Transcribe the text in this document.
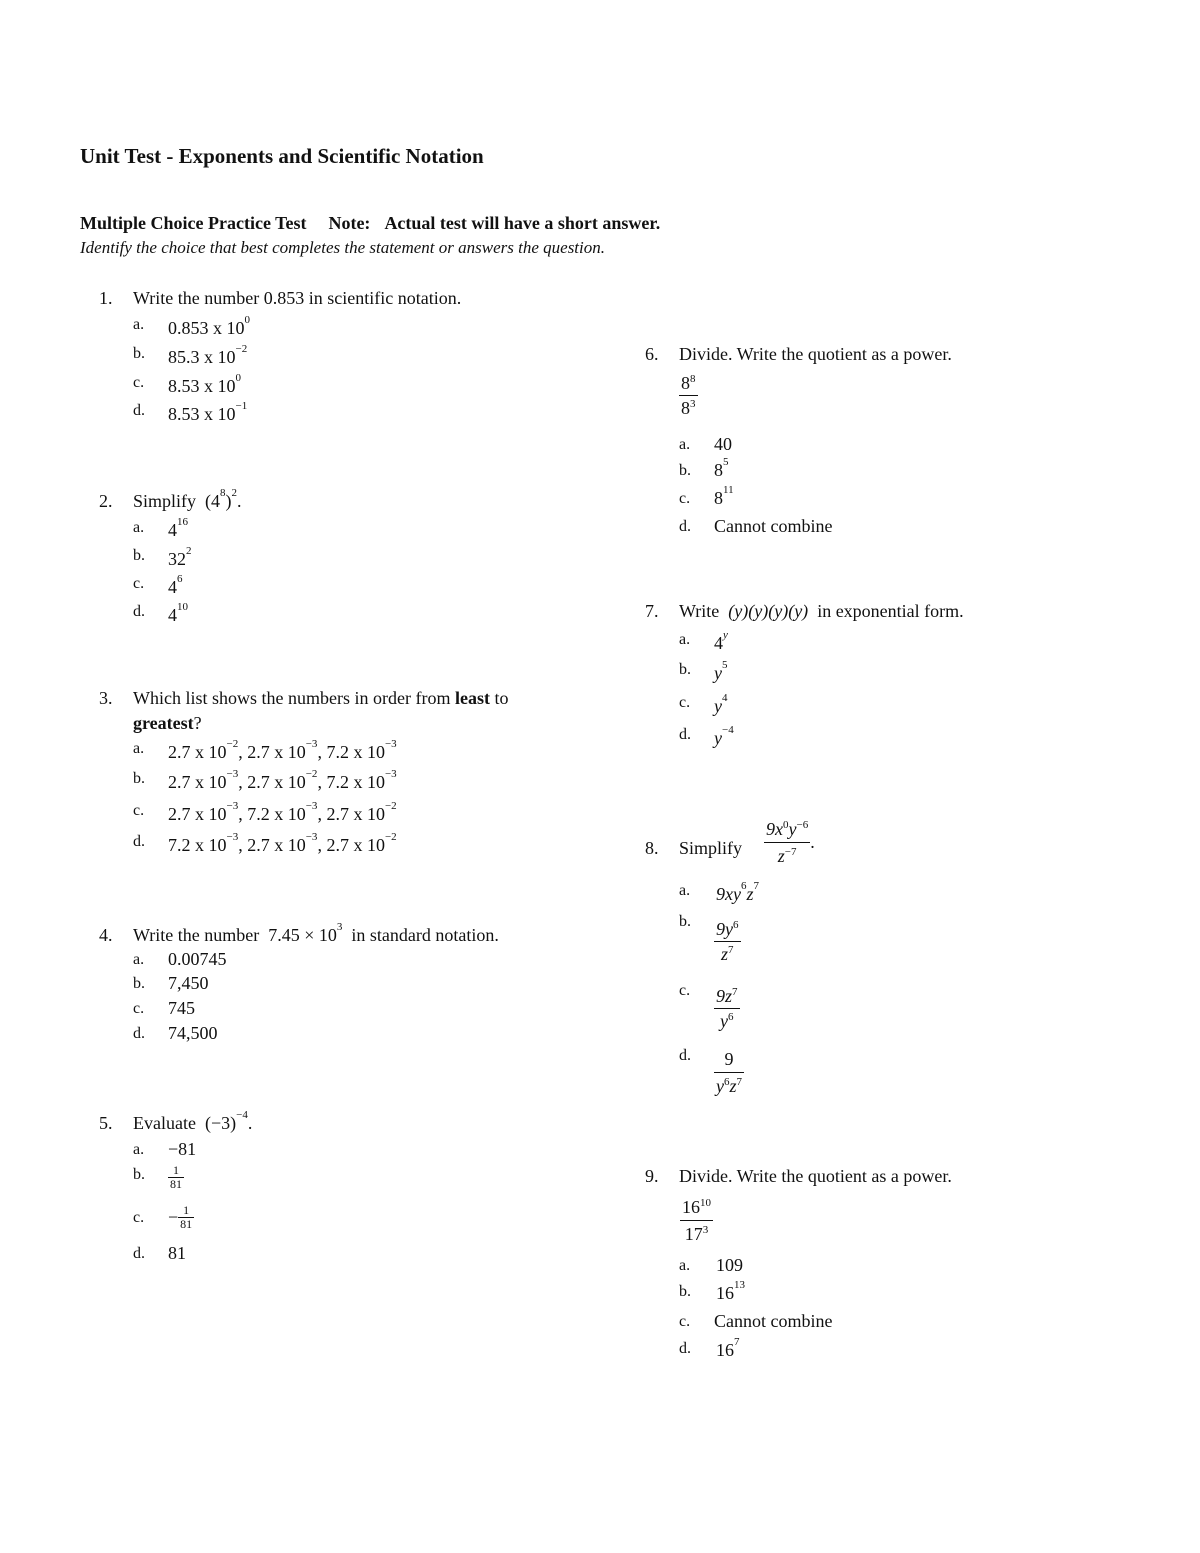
Unit Test - Exponents and Scientific Notation
Multiple Choice Practice Test Note: Actual test will have a short answer.
Identify the choice that best completes the statement or answers the question.
1. Write the number 0.853 in scientific notation.
a. 0.853 x $10^0$
b. 85.3 x $10^{-2}$
c. 8.53 x $10^0$
d. 8.53 x $10^{-1}$
2. Simplify $(4^8)^2$.
a. $4^{16}$
b. $32^2$
c. $4^6$
d. $4^{10}$
3. Which list shows the numbers in order from least to
greatest?
a. 2.7 x $10^{-2}$, 2.7 x $10^{-3}$, 7.2 x $10^{-3}$
b. 2.7 x $10^{-3}$, 2.7 x $10^{-2}$, 7.2 x $10^{-3}$
c. 2.7 x $10^{-3}$, 7.2 x $10^{-3}$, 2.7 x $10^{-2}$
d. 7.2 x $10^{-3}$, 2.7 x $10^{-3}$, 2.7 x $10^{-2}$
4. Write the number $7.45 \times 10^3$ in standard notation.
a. 0.00745
b. 7,450
c. 745
d. 74,500
5. Evaluate $(-3)^{-4}$.
a. −81
b. $\frac{1}{81}$
c. − $\frac{1}{81}$
d. 81
6. Divide. Write the quotient as a power.
$\frac{8^8}{8^3}$
a. 40
b. $8^5$
c. $8^{11}$
d. Cannot combine
7. Write (y)(y)(y)(y) in exponential form.
a. 4$^y$
b. $y^5$
c. $y^4$
d. $y^{-4}$
8. Simplify $\frac{9x^0y^{-6}}{z^{-7}}$ .
a. $9xy^6z^7$
b. $\frac{9y^6}{z^7}$
c. $\frac{9z^7}{y^6}$
d. $\frac{9}{y^6z^7}$
9. Divide. Write the quotient as a power.
$\frac{16^{10}}{17^3}$
a. 109
b. $16^{13}$
c. Cannot combine
d. $16^7$
